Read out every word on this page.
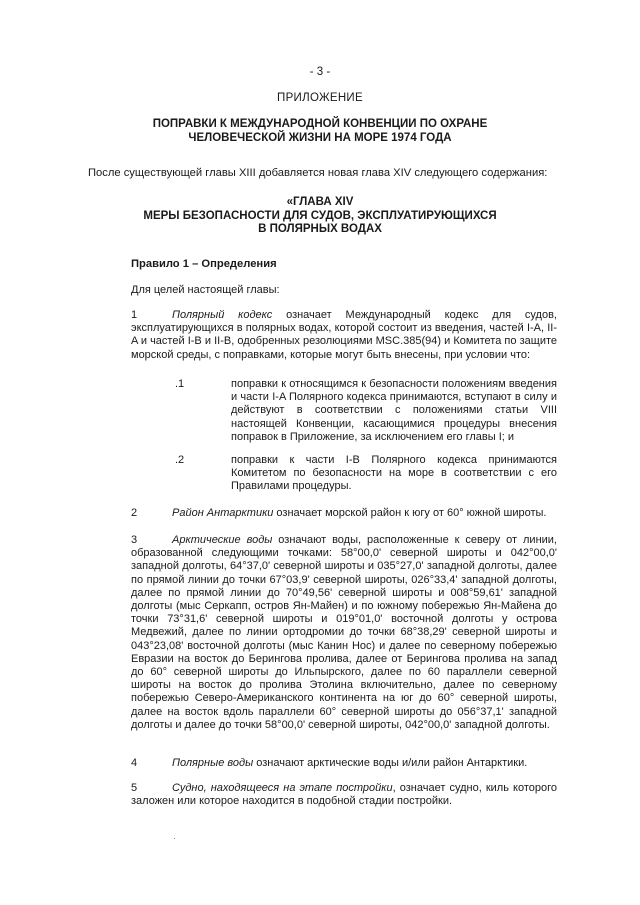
- 3 -

ПРИЛОЖЕНИЕ

ПОПРАВКИ К МЕЖДУНАРОДНОЙ КОНВЕНЦИИ ПО ОХРАНЕ
ЧЕЛОВЕЧЕСКОЙ ЖИЗНИ НА МОРЕ 1974 ГОДА

После существующей главы XIII добавляется новая глава XIV следующего содержания:

«ГЛАВА XIV
МЕРЫ БЕЗОПАСНОСТИ ДЛЯ СУДОВ, ЭКСПЛУАТИРУЮЩИХСЯ
В ПОЛЯРНЫХ ВОДАХ

Правило 1 – Определения

Для целей настоящей главы:

1	Полярный кодекс означает Международный кодекс для судов, эксплуатирующихся в полярных водах, которой состоит из введения, частей I-A, II-A и частей I-B и II-B, одобренных резолюциями MSC.385(94) и Комитета по защите морской среды, с поправками, которые могут быть внесены, при условии что:
.1	поправки к относящимся к безопасности положениям введения и части I-A Полярного кодекса принимаются, вступают в силу и действуют в соответствии с положениями статьи VIII настоящей Конвенции, касающимися процедуры внесения поправок в Приложение, за исключением его главы I; и
.2	поправки к части I-B Полярного кодекса принимаются Комитетом по безопасности на море в соответствии с его Правилами процедуры.
2	Район Антарктики означает морской район к югу от 60° южной широты.
3	Арктические воды означают воды, расположенные к северу от линии, образованной следующими точками: 58°00,0' северной широты и 042°00,0' западной долготы, 64°37,0' северной широты и 035°27,0' западной долготы, далее по прямой линии до точки 67°03,9' северной широты, 026°33,4' западной долготы, далее по прямой линии до 70°49,56' северной широты и 008°59,61' западной долготы (мыс Серкапп, остров Ян-Майен) и по южному побережью Ян-Майена до точки 73°31,6' северной широты и 019°01,0' восточной долготы у острова Медвежий, далее по линии ортодромии до точки 68°38,29' северной широты и 043°23,08' восточной долготы (мыс Канин Нос) и далее по северному побережью Евразии на восток до Берингова пролива, далее от Берингова пролива на запад до 60° северной широты до Ильпырского, далее по 60 параллели северной широты на восток до пролива Этолина включительно, далее по северному побережью Северо-Американского континента на юг до 60° северной широты, далее на восток вдоль параллели 60° северной широты до 056°37,1' западной долготы и далее до точки 58°00,0' северной широты, 042°00,0' западной долготы.
4	Полярные воды означают арктические воды и/или район Антарктики.
5	Судно, находящееся на этапе постройки, означает судно, киль которого заложен или которое находится в подобной стадии постройки.
